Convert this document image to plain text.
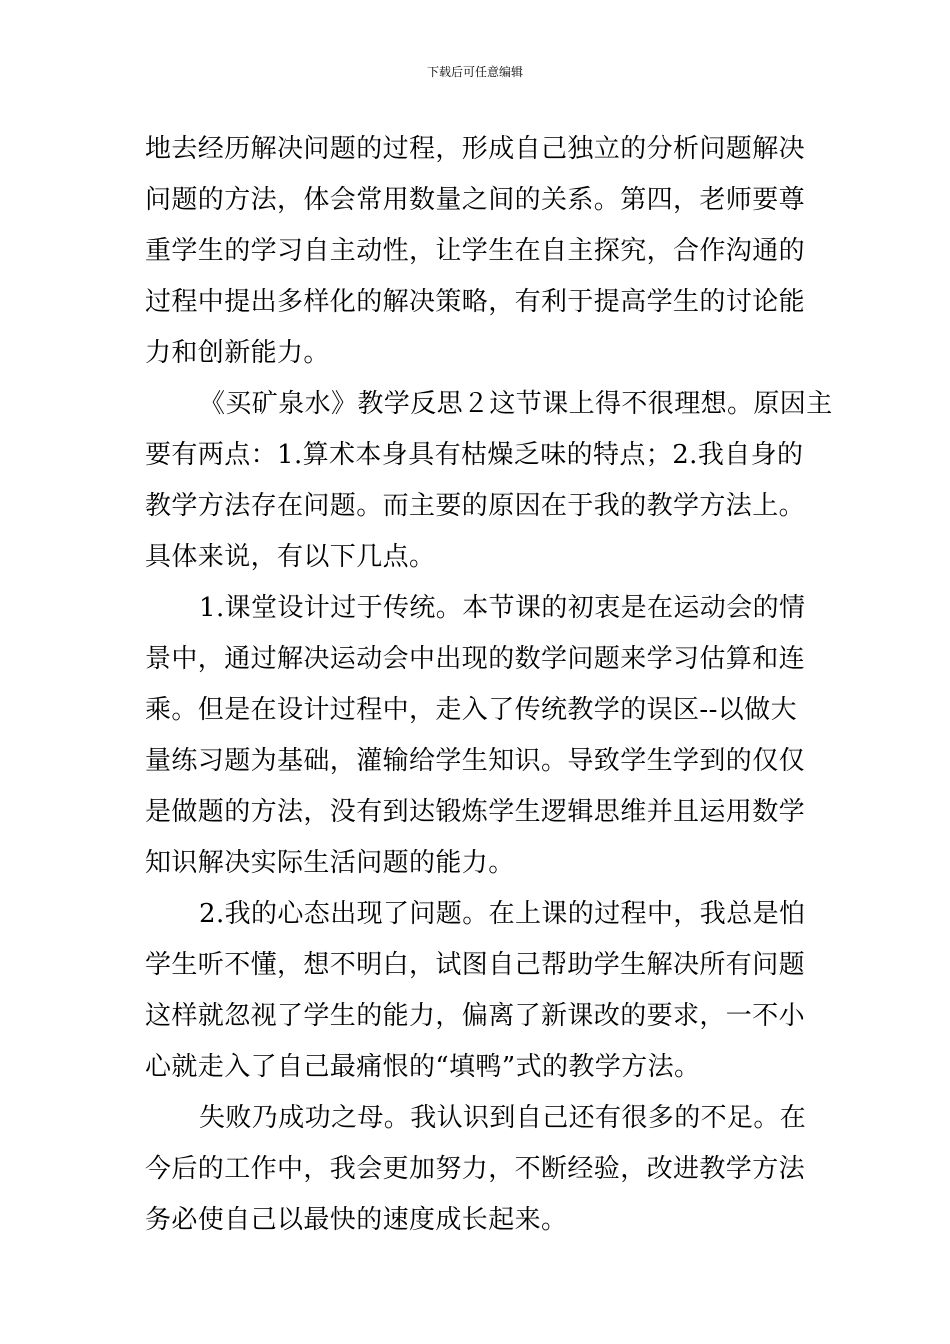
下载后可任意编辑

地去经历解决问题的过程，形成自己独立的分析问题解决
问题的方法，体会常用数量之间的关系。第四，老师要尊
重学生的学习自主动性，让学生在自主探究，合作沟通的
过程中提出多样化的解决策略，有利于提高学生的讨论能
力和创新能力。

《买矿泉水》教学反思２这节课上得不很理想。原因主
要有两点：1.算术本身具有枯燥乏味的特点；2.我自身的
教学方法存在问题。而主要的原因在于我的教学方法上。
具体来说，有以下几点。

1.课堂设计过于传统。本节课的初衷是在运动会的情
景中，通过解决运动会中出现的数学问题来学习估算和连
乘。但是在设计过程中，走入了传统教学的误区--以做大
量练习题为基础，灌输给学生知识。导致学生学到的仅仅
是做题的方法，没有到达锻炼学生逻辑思维并且运用数学
知识解决实际生活问题的能力。

2.我的心态出现了问题。在上课的过程中，我总是怕
学生听不懂，想不明白，试图自己帮助学生解决所有问题
这样就忽视了学生的能力，偏离了新课改的要求，一不小
心就走入了自己最痛恨的“填鸭”式的教学方法。

失败乃成功之母。我认识到自己还有很多的不足。在
今后的工作中，我会更加努力，不断经验，改进教学方法
务必使自己以最快的速度成长起来。
